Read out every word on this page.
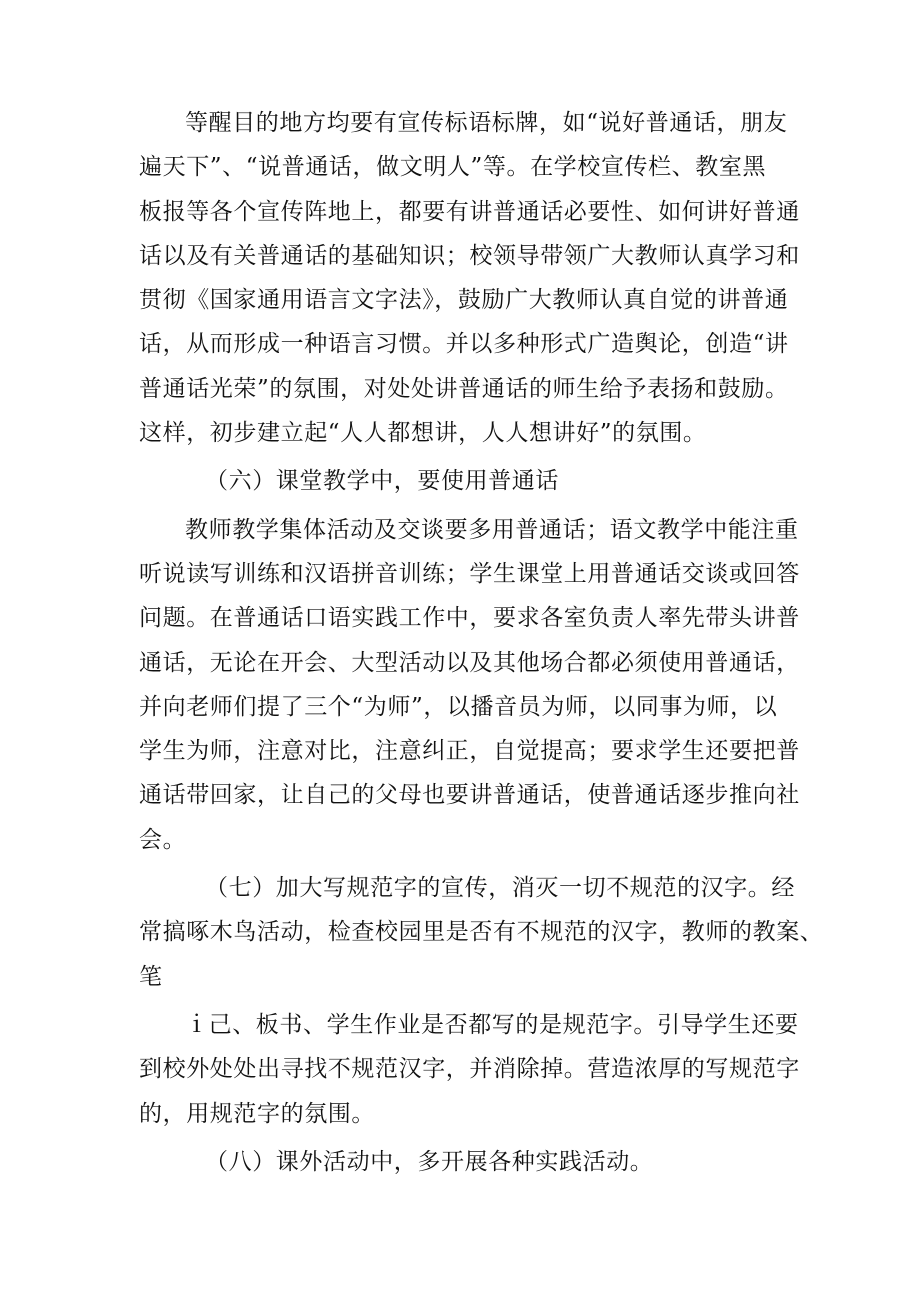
等醒目的地方均要有宣传标语标牌，如“说好普通话，朋友
遍天下”、“说普通话，做文明人”等。在学校宣传栏、教室黑
板报等各个宣传阵地上，都要有讲普通话必要性、如何讲好普通
话以及有关普通话的基础知识；校领导带领广大教师认真学习和
贯彻《国家通用语言文字法》，鼓励广大教师认真自觉的讲普通
话，从而形成一种语言习惯。并以多种形式广造舆论，创造“讲
普通话光荣”的氛围，对处处讲普通话的师生给予表扬和鼓励。
这样，初步建立起“人人都想讲，人人想讲好”的氛围。
（六）课堂教学中，要使用普通话
教师教学集体活动及交谈要多用普通话；语文教学中能注重
听说读写训练和汉语拼音训练；学生课堂上用普通话交谈或回答
问题。在普通话口语实践工作中，要求各室负责人率先带头讲普
通话，无论在开会、大型活动以及其他场合都必须使用普通话，
并向老师们提了三个“为师”，以播音员为师，以同事为师，以
学生为师，注意对比，注意纠正，自觉提高；要求学生还要把普
通话带回家，让自己的父母也要讲普通话，使普通话逐步推向社
会。
（七）加大写规范字的宣传，消灭一切不规范的汉字。经
常搞啄木鸟活动，检查校园里是否有不规范的汉字，教师的教案、
笔
ｉ己、板书、学生作业是否都写的是规范字。引导学生还要
到校外处处出寻找不规范汉字，并消除掉。营造浓厚的写规范字
的，用规范字的氛围。
（八）课外活动中，多开展各种实践活动。
